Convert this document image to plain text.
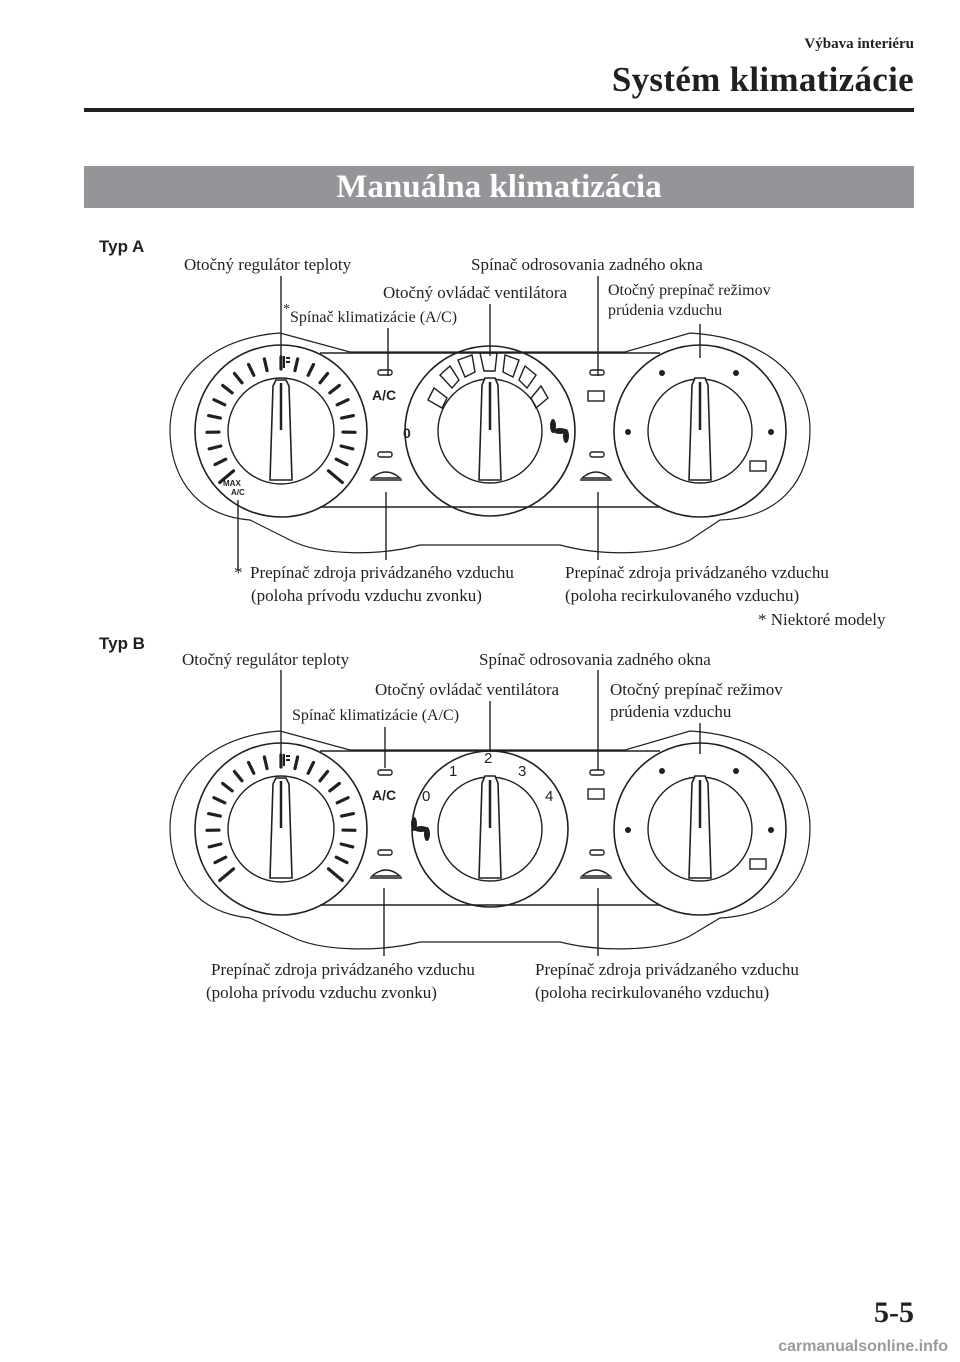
Výbava interiéru
Systém klimatizácie
Manuálna klimatizácia
Typ A
Otočný regulátor teploty	Spínač odrosovania zadného okna
Otočný ovládač ventilátora	Otočný prepínač režimov
prúdenia vzduchu
* Spínač klimatizácie (A/C)
A/C
0
MAX
A/C
* Prepínač zdroja privádzaného vzduchu
(poloha prívodu vzduchu zvonku)
Prepínač zdroja privádzaného vzduchu
(poloha recirkulovaného vzduchu)
* Niektoré modely
Typ B
Otočný regulátor teploty	Spínač odrosovania zadného okna
Otočný ovládač ventilátora	Otočný prepínač režimov
prúdenia vzduchu
Spínač klimatizácie (A/C)
A/C 0
1
2
3
4
Prepínač zdroja privádzaného vzduchu
(poloha prívodu vzduchu zvonku)
Prepínač zdroja privádzaného vzduchu
(poloha recirkulovaného vzduchu)
5-5
carmanualsonline.info
